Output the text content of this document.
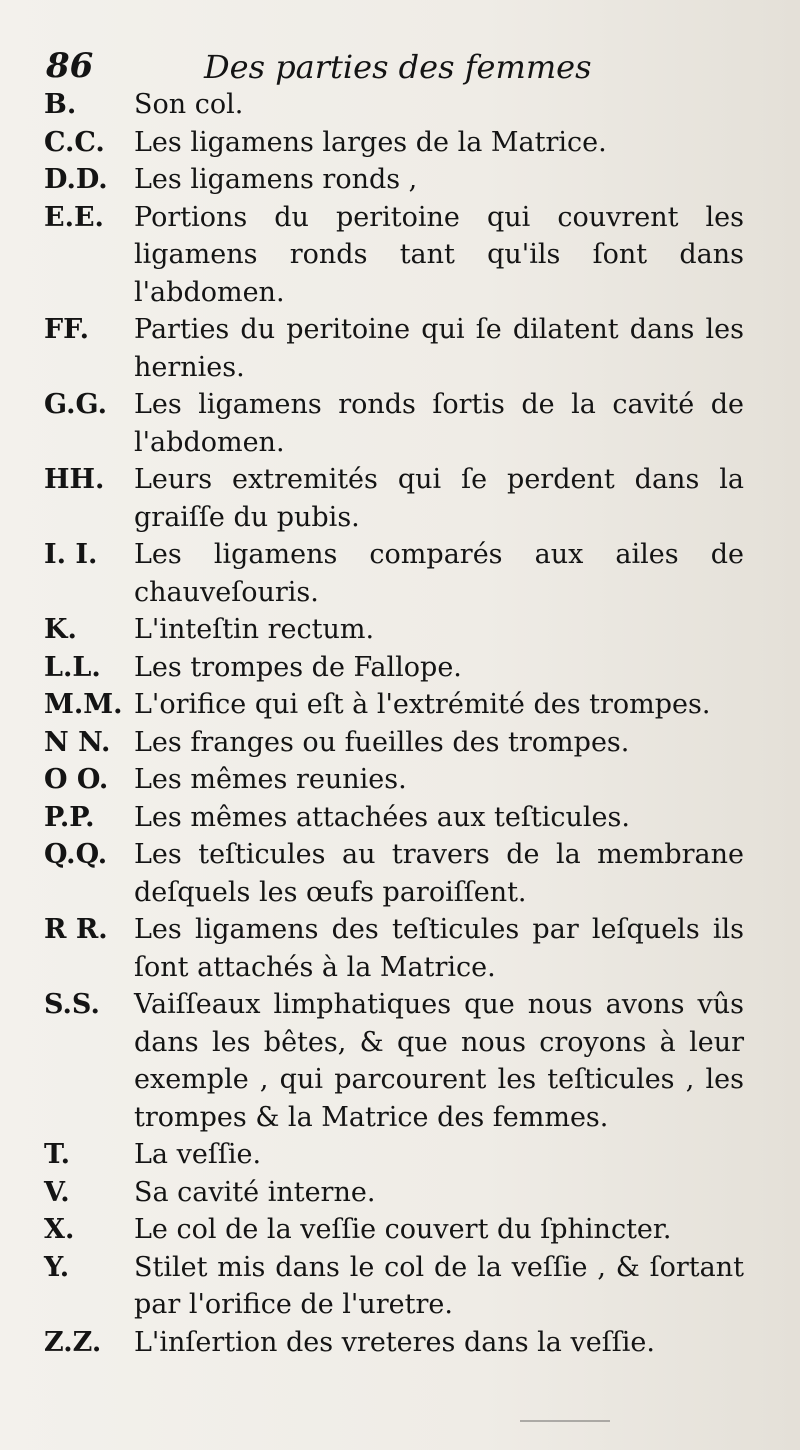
86	Des parties des femmes
B.	Son col.
C.C.	Les ligamens larges de la Matrice.
D.D. Les ligamens ronds ,
E.E.	Portions du peritoine qui couvrent les ligamens ronds tant qu'ils ſont dans l'abdomen.
FF.	Parties du peritoine qui ſe dilatent dans les hernies.
G.G.	Les ligamens ronds ſortis de la cavité de l'abdomen.
HH.	Leurs extremités qui ſe perdent dans la graiſſe du pubis.
I. I.	Les ligamens comparés aux ailes de chauveſouris.
K.	L'inteſtin rectum.
L.L.	Les trompes de Fallope.
M.M. L'orifice qui eſt à l'extrémité des trompes.
N N. Les franges ou fueilles des trompes.
O O. Les mêmes reunies.
P.P.	Les mêmes attachées aux teſticules.
Q.Q. Les teſticules au travers de la membrane deſquels les œufs paroiſſent.
R R. Les ligamens des teſticules par leſquels ils ſont attachés à la Matrice.
S.S.	Vaiſſeaux limphatiques que nous avons vûs dans les bêtes, & que nous croyons à leur exemple , qui parcourent les teſticules , les trompes & la Matrice des femmes.
T.	La veſſie.
V.	Sa cavité interne.
X.	Le col de la veſſie couvert du ſphincter.
Y.	Stilet mis dans le col de la veſſie , & ſortant par l'orifice de l'uretre.
Z.Z.	L'inſertion des vreteres dans la veſſie.
